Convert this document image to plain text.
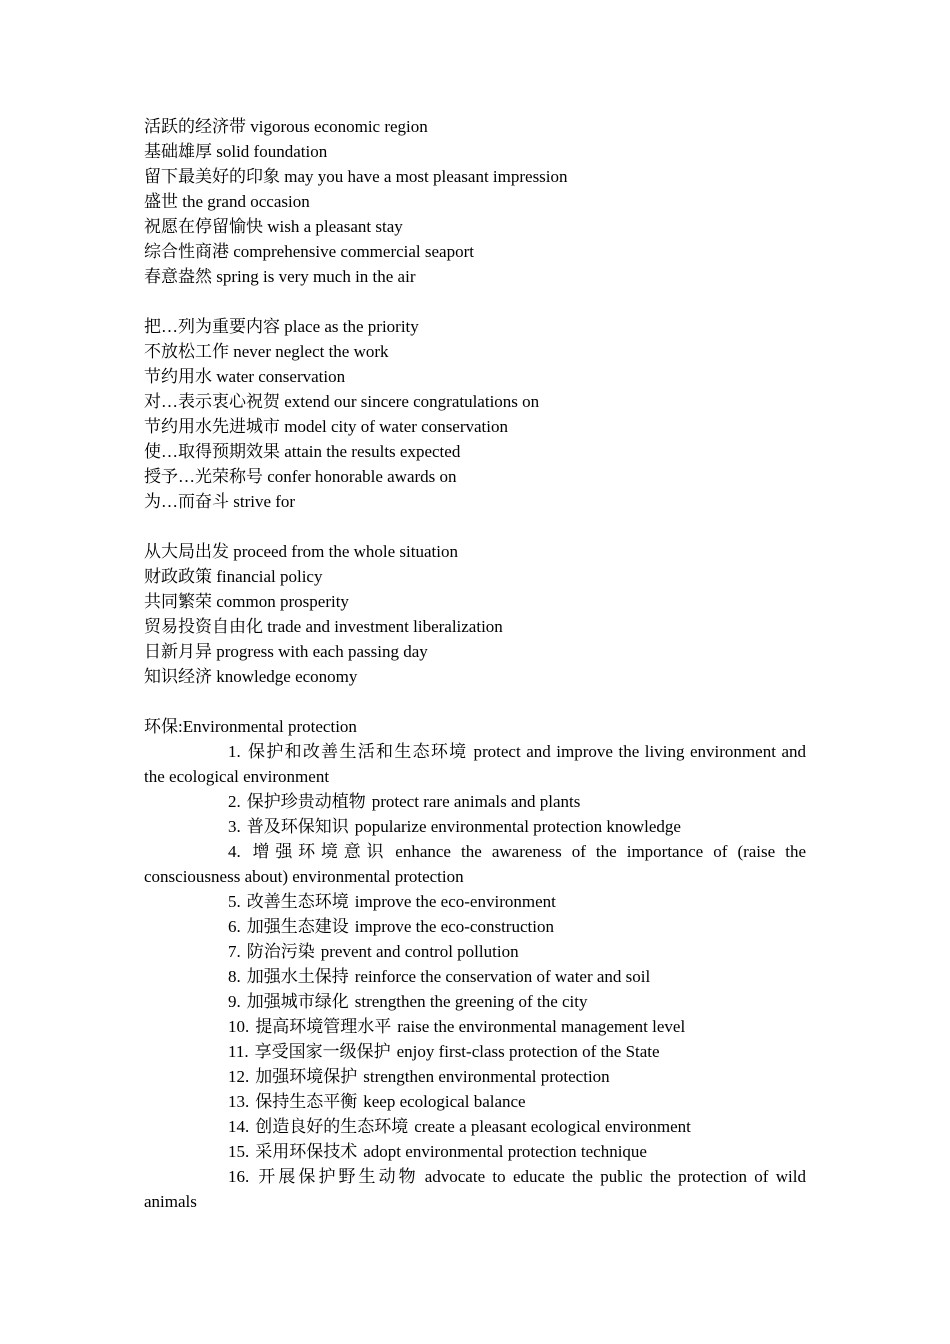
活跃的经济带 vigorous economic region
基础雄厚 solid foundation
留下最美好的印象 may you have a most pleasant impression
盛世 the grand occasion
祝愿在停留愉快 wish a pleasant stay
综合性商港 comprehensive commercial seaport
春意盎然 spring is very much in the air
把…列为重要内容 place as the priority
不放松工作 never neglect the work
节约用水 water conservation
对…表示衷心祝贺 extend our sincere congratulations on
节约用水先进城市 model city of water conservation
使…取得预期效果 attain the results expected
授予…光荣称号 confer honorable awards on
为…而奋斗 strive for
从大局出发 proceed from the whole situation
财政政策 financial policy
共同繁荣 common prosperity
贸易投资自由化 trade and investment liberalization
日新月异 progress with each passing day
知识经济 knowledge economy
环保:Environmental protection
1. 保护和改善生活和生态环境 protect and improve the living environment and the ecological environment
2. 保护珍贵动植物 protect rare animals and plants
3. 普及环保知识 popularize environmental protection knowledge
4. 增强环境意识 enhance the awareness of the importance of (raise the consciousness about) environmental protection
5. 改善生态环境 improve the eco-environment
6. 加强生态建设 improve the eco-construction
7. 防治污染 prevent and control pollution
8. 加强水土保持 reinforce the conservation of water and soil
9. 加强城市绿化 strengthen the greening of the city
10. 提高环境管理水平 raise the environmental management level
11. 享受国家一级保护 enjoy first-class protection of the State
12. 加强环境保护 strengthen environmental protection
13. 保持生态平衡 keep ecological balance
14. 创造良好的生态环境 create a pleasant ecological environment
15. 采用环保技术 adopt environmental protection technique
16. 开展保护野生动物 advocate to educate the public the protection of wild animals
